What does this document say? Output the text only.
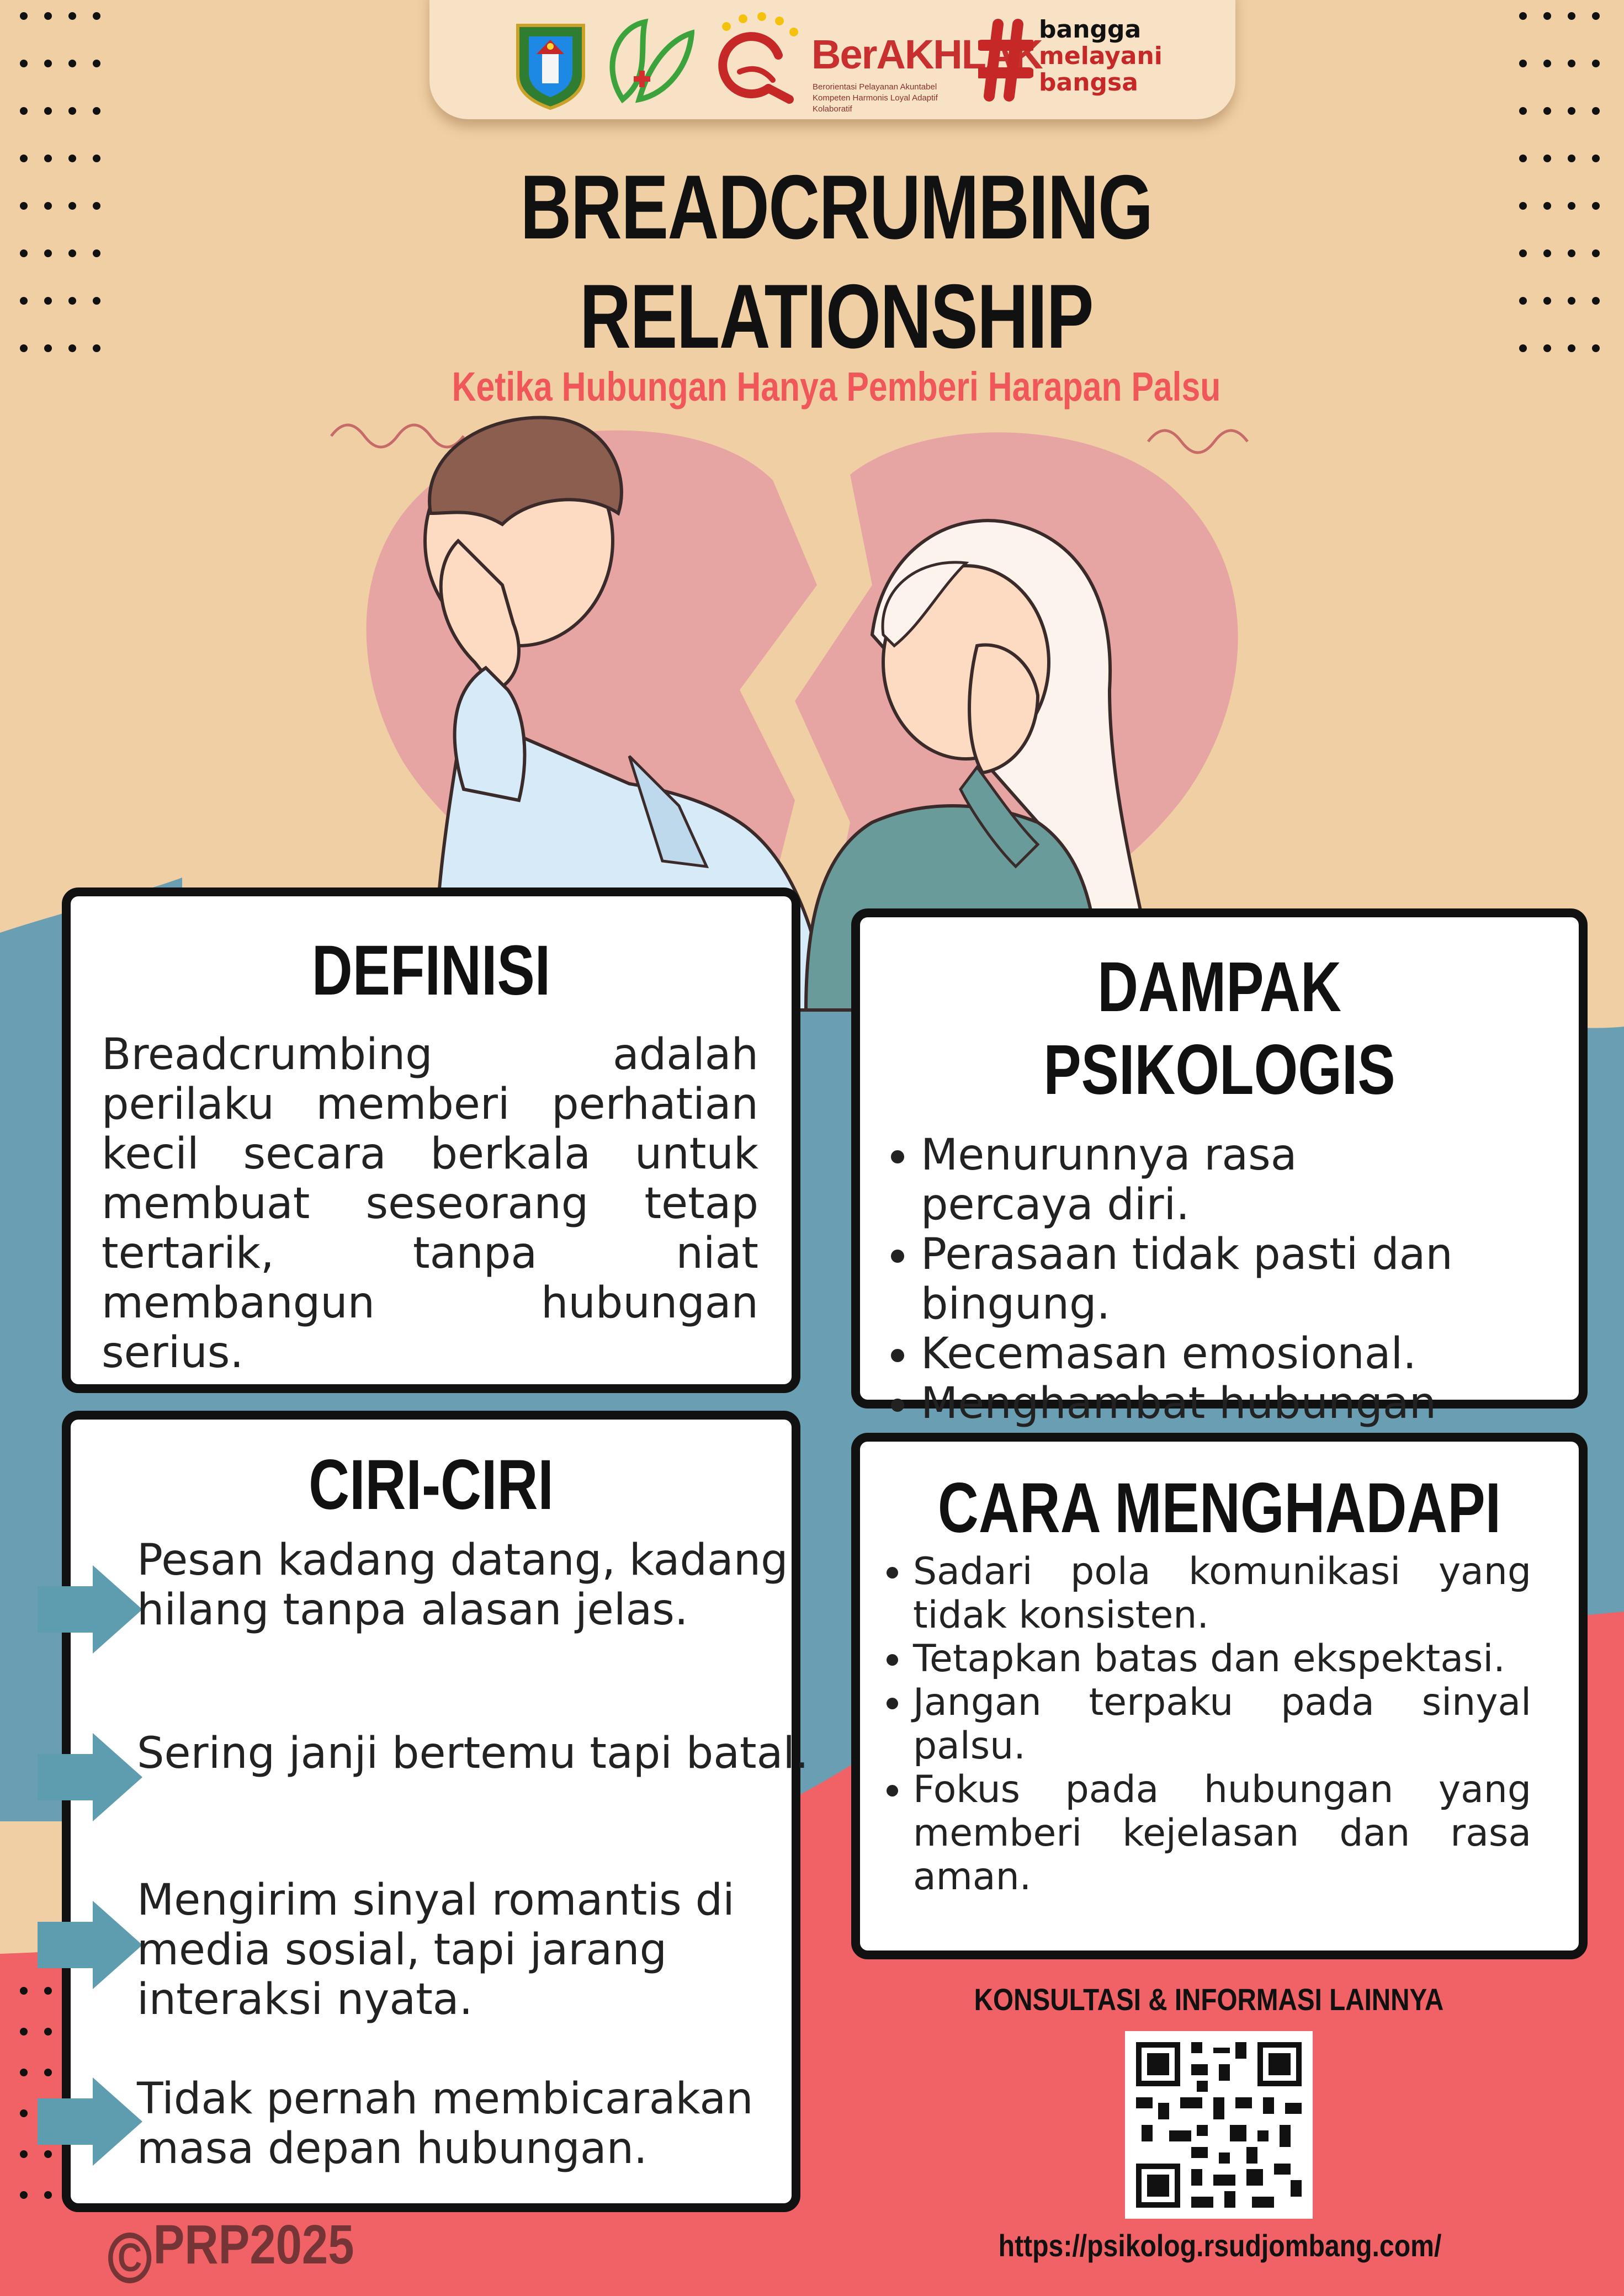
BerAKHLAK
Berorientasi Pelayanan Akuntabel Kompeten Harmonis Loyal Adaptif Kolaboratif
bangga
melayani
bangsa
BREADCRUMBING
RELATIONSHIP
Ketika Hubungan Hanya Pemberi Harapan Palsu
DEFINISI

Breadcrumbing adalah perilaku memberi perhatian kecil secara berkala untuk membuat seseorang tetap tertarik, tanpa niat membangun hubungan serius.

DAMPAK PSIKOLOGIS
• Menurunnya rasa percaya diri.
• Perasaan tidak pasti dan bingung.
• Kecemasan emosional.
• Menghambat hubungan
CIRI-CIRI
Pesan kadang datang, kadang hilang tanpa alasan jelas.
Sering janji bertemu tapi batal.
Mengirim sinyal romantis di media sosial, tapi jarang interaksi nyata.
Tidak pernah membicarakan masa depan hubungan.
CARA MENGHADAPI
• Sadari pola komunikasi yang tidak konsisten.
• Tetapkan batas dan ekspektasi.
• Jangan terpaku pada sinyal palsu.
• Fokus pada hubungan yang memberi kejelasan dan rasa aman.
KONSULTASI & INFORMASI LAINNYA
https://psikolog.rsudjombang.com/
C PRP2025
